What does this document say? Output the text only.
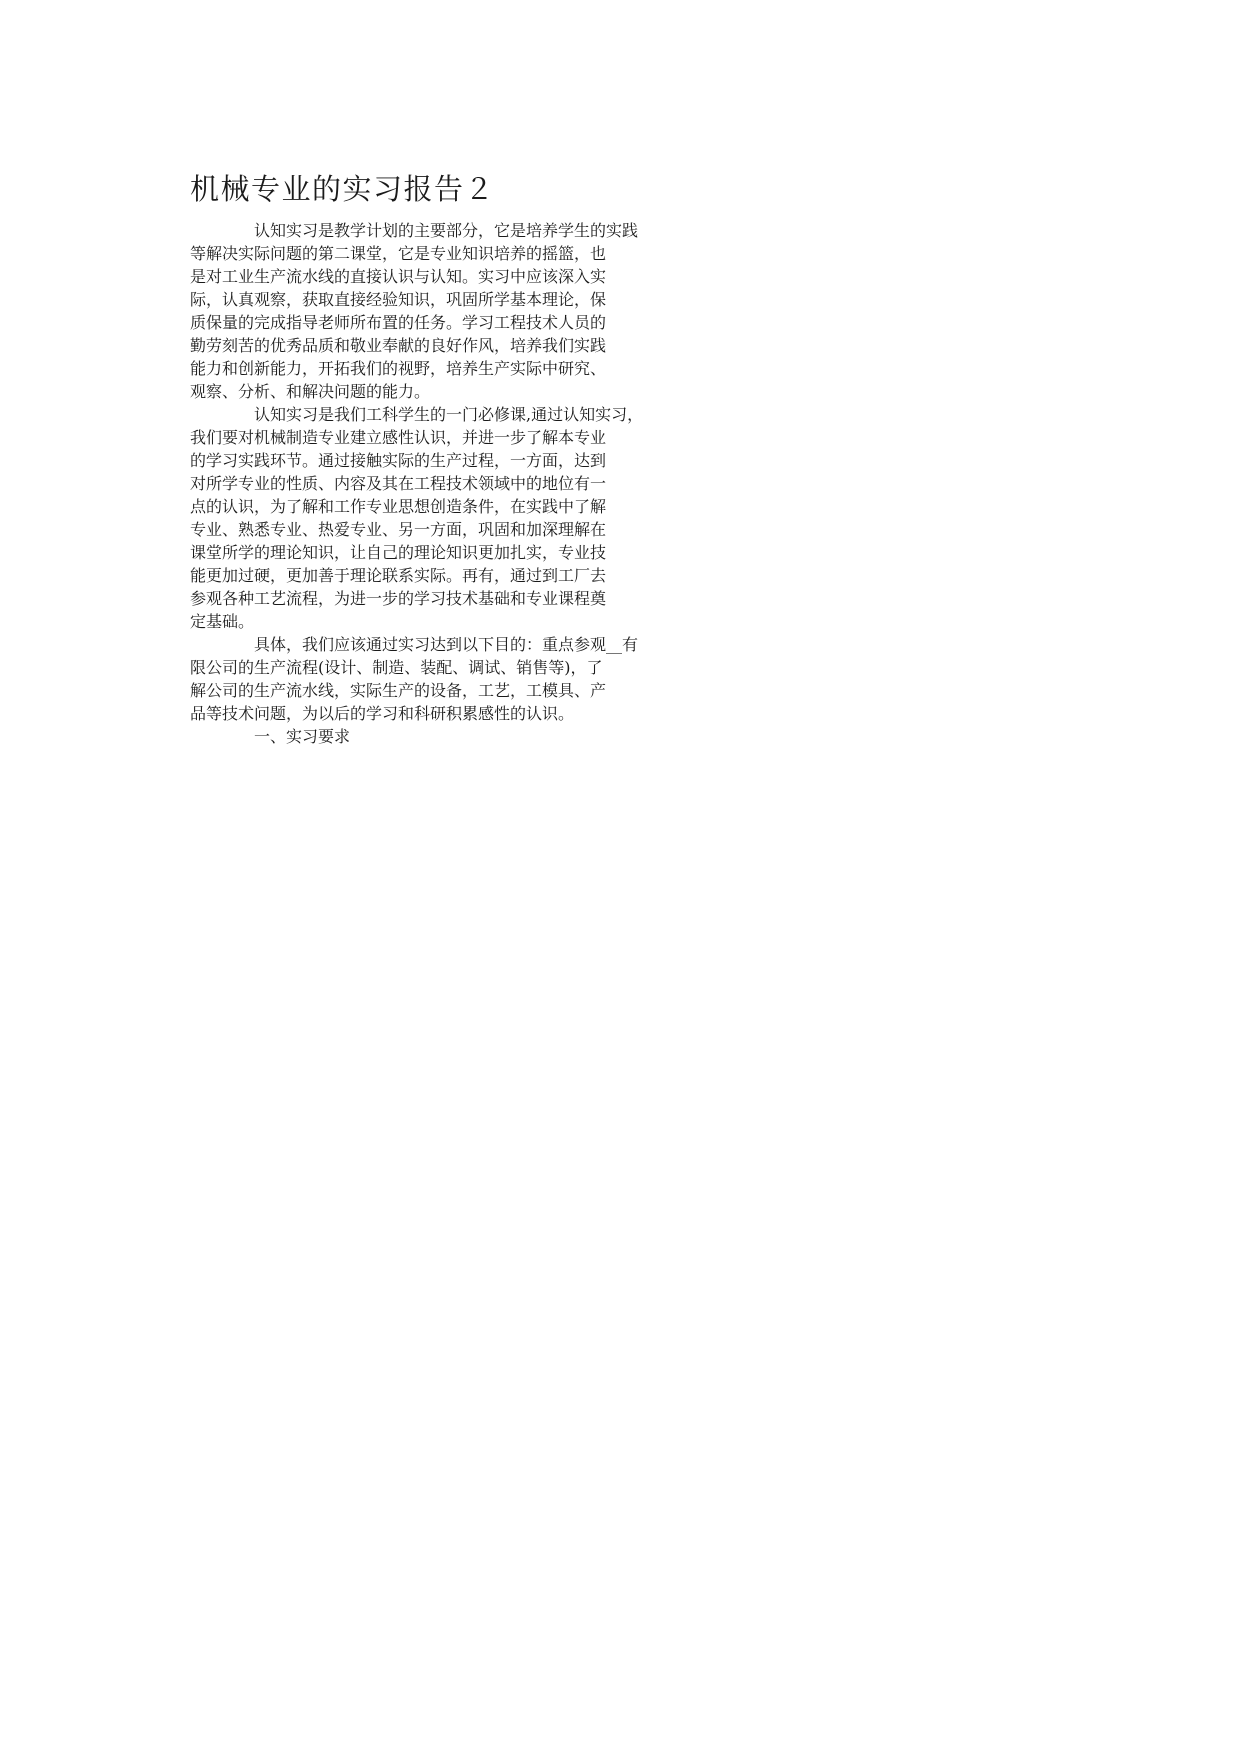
机械专业的实习报告２
认知实习是教学计划的主要部分，它是培养学生的实践
等解决实际问题的第二课堂，它是专业知识培养的摇篮，也
是对工业生产流水线的直接认识与认知。实习中应该深入实
际，认真观察，获取直接经验知识，巩固所学基本理论，保
质保量的完成指导老师所布置的任务。学习工程技术人员的
勤劳刻苦的优秀品质和敬业奉献的良好作风，培养我们实践
能力和创新能力，开拓我们的视野，培养生产实际中研究、
观察、分析、和解决问题的能力。
认知实习是我们工科学生的一门必修课,通过认知实习，
我们要对机械制造专业建立感性认识，并进一步了解本专业
的学习实践环节。通过接触实际的生产过程，一方面，达到
对所学专业的性质、内容及其在工程技术领域中的地位有一
点的认识，为了解和工作专业思想创造条件，在实践中了解
专业、熟悉专业、热爱专业、另一方面，巩固和加深理解在
课堂所学的理论知识，让自己的理论知识更加扎实，专业技
能更加过硬，更加善于理论联系实际。再有，通过到工厂去
参观各种工艺流程，为进一步的学习技术基础和专业课程奠
定基础。
具体，我们应该通过实习达到以下目的：重点参观__有
限公司的生产流程(设计、制造、装配、调试、销售等)，了
解公司的生产流水线，实际生产的设备，工艺，工模具、产
品等技术问题，为以后的学习和科研积累感性的认识。
一、实习要求
